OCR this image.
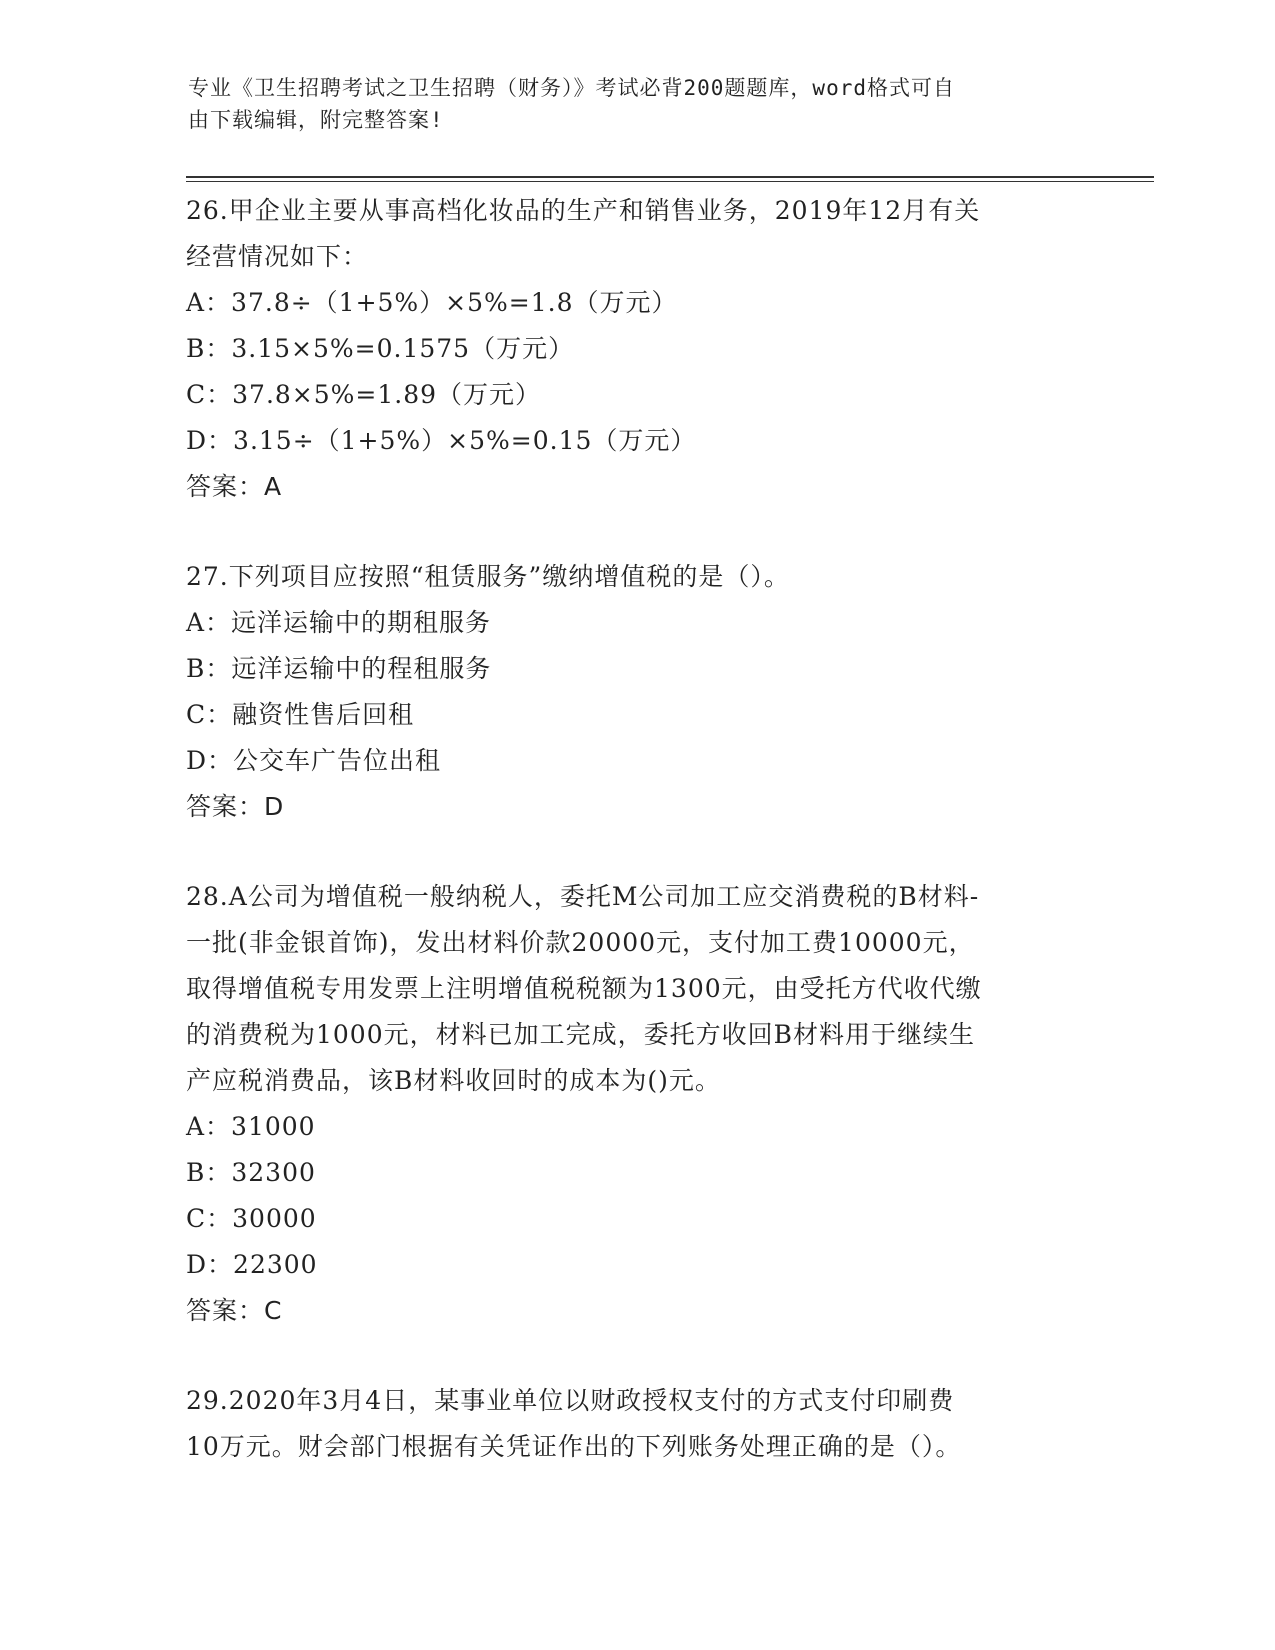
专业《卫生招聘考试之卫生招聘（财务）》考试必背200题题库，word格式可自
由下载编辑，附完整答案!
26.甲企业主要从事高档化妆品的生产和销售业务，2019年12月有关
经营情况如下：
A：37.8÷（1+5%）×5%=1.8（万元）
B：3.15×5%=0.1575（万元）
C：37.8×5%=1.89（万元）
D：3.15÷（1+5%）×5%=0.15（万元）
答案：A
27.下列项目应按照“租赁服务”缴纳增值税的是（）。
A：远洋运输中的期租服务
B：远洋运输中的程租服务
C：融资性售后回租
D：公交车广告位出租
答案：D
28.A公司为增值税一般纳税人，委托M公司加工应交消费税的B材料-
一批(非金银首饰)，发出材料价款20000元，支付加工费10000元，
取得增值税专用发票上注明增值税税额为1300元，由受托方代收代缴
的消费税为1000元，材料已加工完成，委托方收回B材料用于继续生
产应税消费品，该B材料收回时的成本为()元。
A：31000
B：32300
C：30000
D：22300
答案：C
29.2020年3月4日，某事业单位以财政授权支付的方式支付印刷费
10万元。财会部门根据有关凭证作出的下列账务处理正确的是（）。
